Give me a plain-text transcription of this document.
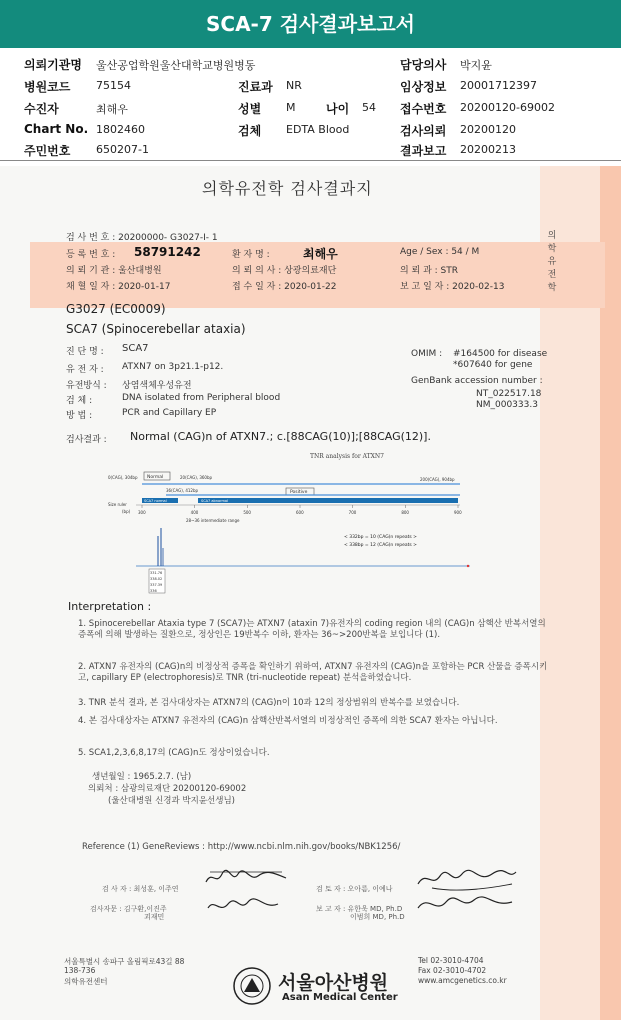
SCA-7 검사결과보고서
의뢰기관명 울산공업학원울산대학교병원병동	담당의사 박지윤
병원코드 75154	진료과 NR	임상정보 20001712397
수진자	최해우	성별 M	나이 54 접수번호 20200120-69002
Chart No. 1802460	검체 EDTA Blood	검사의뢰 20200120
주민번호 650207-1	결과보고 20200213
의학유전학 검사결과지
의 학 유 전 학
검 사 번 호 : 20200000- G3027-I- 1
등 록 번 호 : 58791242	환 자 명 :	최해우	Age / Sex : 54 / M
의 뢰 기 관 : 울산대병원	의 뢰 의 사 : 상광의료재단	의 뢰 과 : STR
채 혈 일 자 : 2020-01-17	접 수 일 자 : 2020-01-22	보 고 일 자 : 2020-02-13
G3027 (EC0009)
SCA7 (Spinocerebellar ataxia)
진 단 명 : SCA7
유 전 자 : ATXN7 on 3p21.1-p12.
유전방식 : 상염색체우성유전
검 체 :	DNA isolated from Peripheral blood
방 법 :	PCR and Capillary EP
OMIM : #164500 for disease
*607640 for gene
GenBank accession number :
NT_022517.18
NM_000333.3
검사결과 : Normal (CAG)n of ATXN7.; c.[88CAG(10)];[88CAG(12)].
TNR analysis for ATXN7
Normal
0(CAG), 304bp	20(CAG), 360bp	200(CAG), 904bp
36(CAG), 412bp	Positive
Size ruler
(bp)
SCA7 normal	SCA7 abnormal
300	400	500	600	700	800	900
28~36 intermediate range
< 332bp = 10 (CAG)n repeats >
< 338bp = 12 (CAG)n repeats >
331.76
338.02
337.39
336
Interpretation :
1. Spinocerebellar Ataxia type 7 (SCA7)는 ATXN7 (ataxin 7)유전자의 coding region 내의 (CAG)n 삼핵산 반복서열의 증폭에 의해 발생하는 질환으로, 정상인은 19반복수 이하, 환자는 36~>200반복을 보입니다 (1).
2. ATXN7 유전자의 (CAG)n의 비정상적 증폭을 확인하기 위하여, ATXN7 유전자의 (CAG)n을 포함하는 PCR 산물을 증폭시키고, capillary EP (electrophoresis)로 TNR (tri-nucleotide repeat) 분석을하였습니다.
3. TNR 분석 결과, 본 검사대상자는 ATXN7의 (CAG)n이 10과 12의 정상범위의 반복수를 보였습니다.
4. 본 검사대상자는 ATXN7 유전자의 (CAG)n 삼핵산반복서열의 비정상적인 증폭에 의한 SCA7 환자는 아닙니다.
5. SCA1,2,3,6,8,17의 (CAG)n도 정상이었습니다.
생년월일 : 1965.2.7. (남)
의뢰처 : 삼광의료재단 20200120-69002
(울산대병원 신경과 박지윤선생님)
Reference (1) GeneReviews : http://www.ncbi.nlm.nih.gov/books/NBK1256/
검 사 자 : 최성훈, 이주연	검 토 자 : 오아름, 이예나
검사자문 : 김구환,이진주
괴재민
보 고 자 : 유한욱 MD, Ph.D
이범희 MD, Ph.D
서울특별시 송파구 올림픽로43길 88
138-736
의학유전센터	서울아산병원
Asan Medical Center
Tel 02-3010-4704
Fax 02-3010-4702
www.amcgenetics.co.kr
